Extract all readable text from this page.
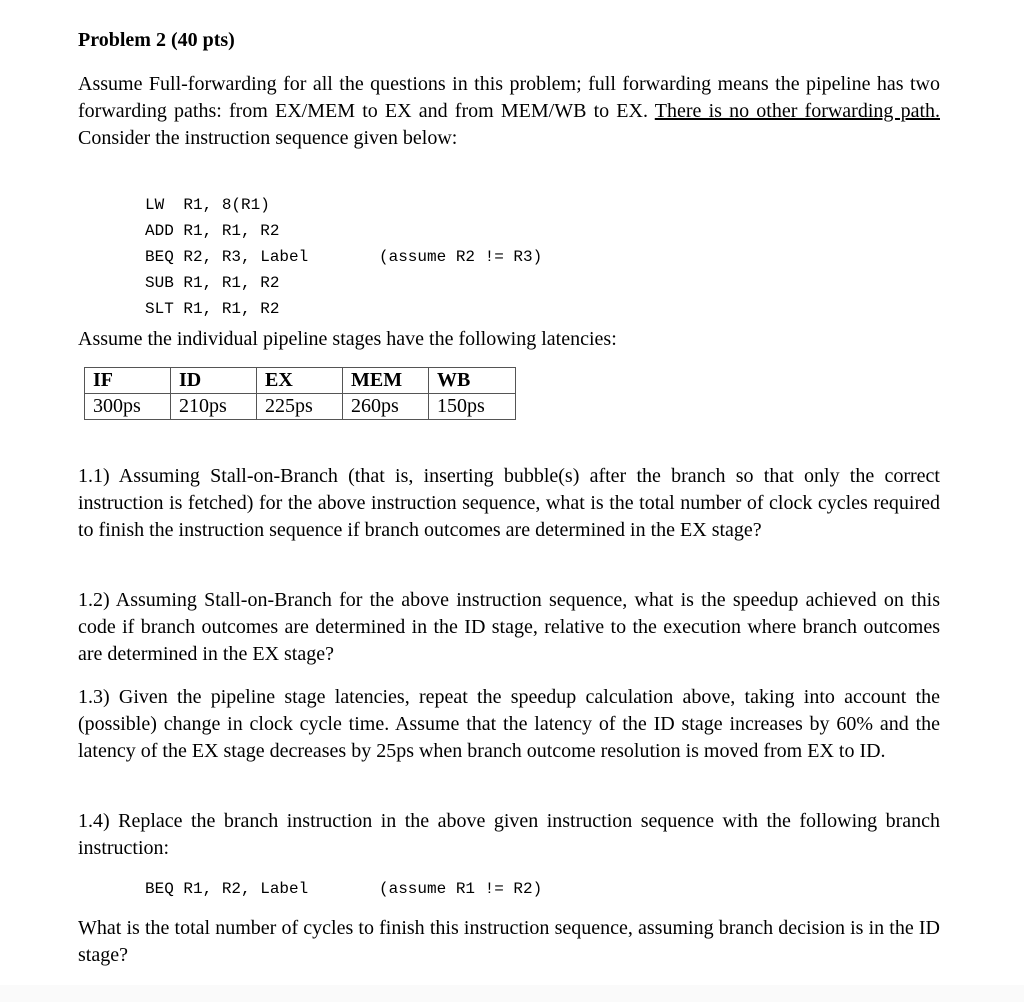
Problem 2 (40 pts)
Assume Full-forwarding for all the questions in this problem; full forwarding means the pipeline has two forwarding paths: from EX/MEM to EX and from MEM/WB to EX. There is no other forwarding path. Consider the instruction sequence given below:

LW  R1, 8(R1)
ADD R1, R1, R2
BEQ R2, R3, Label	(assume R2 != R3)
SUB R1, R1, R2
SLT R1, R1, R2
Assume the individual pipeline stages have the following latencies:
IF	ID	EX	MEM	WB
300ps	210ps	225ps	260ps	150ps
1.1) Assuming Stall-on-Branch (that is, inserting bubble(s) after the branch so that only the correct instruction is fetched) for the above instruction sequence, what is the total number of clock cycles required to finish the instruction sequence if branch outcomes are determined in the EX stage?
1.2) Assuming Stall-on-Branch for the above instruction sequence, what is the speedup achieved on this code if branch outcomes are determined in the ID stage, relative to the execution where branch outcomes are determined in the EX stage?
1.3) Given the pipeline stage latencies, repeat the speedup calculation above, taking into account the (possible) change in clock cycle time. Assume that the latency of the ID stage increases by 60% and the latency of the EX stage decreases by 25ps when branch outcome resolution is moved from EX to ID.
1.4) Replace the branch instruction in the above given instruction sequence with the following branch instruction:
BEQ R1, R2, Label	(assume R1 != R2)
What is the total number of cycles to finish this instruction sequence, assuming branch decision is in the ID stage?
